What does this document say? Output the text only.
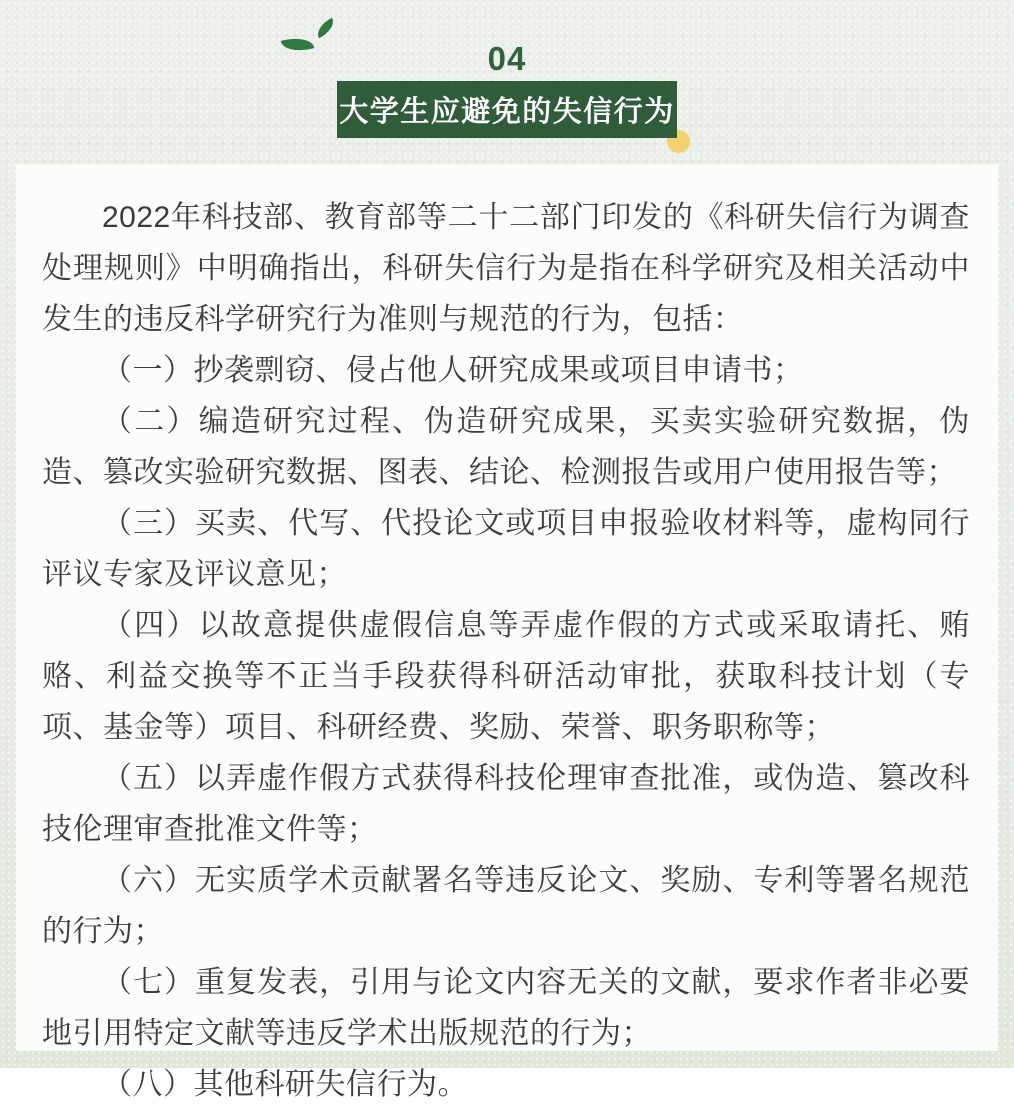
04
大学生应避免的失信行为

2022年科技部、教育部等二十二部门印发的《科研失信行为调查处理规则》中明确指出，科研失信行为是指在科学研究及相关活动中发生的违反科学研究行为准则与规范的行为，包括：

（一）抄袭剽窃、侵占他人研究成果或项目申请书；

（二）编造研究过程、伪造研究成果，买卖实验研究数据，伪造、篡改实验研究数据、图表、结论、检测报告或用户使用报告等；

（三）买卖、代写、代投论文或项目申报验收材料等，虚构同行评议专家及评议意见；

（四）以故意提供虚假信息等弄虚作假的方式或采取请托、贿赂、利益交换等不正当手段获得科研活动审批，获取科技计划（专项、基金等）项目、科研经费、奖励、荣誉、职务职称等；

（五）以弄虚作假方式获得科技伦理审查批准，或伪造、篡改科技伦理审查批准文件等；

（六）无实质学术贡献署名等违反论文、奖励、专利等署名规范的行为；

（七）重复发表，引用与论文内容无关的文献，要求作者非必要地引用特定文献等违反学术出版规范的行为；

（八）其他科研失信行为。
